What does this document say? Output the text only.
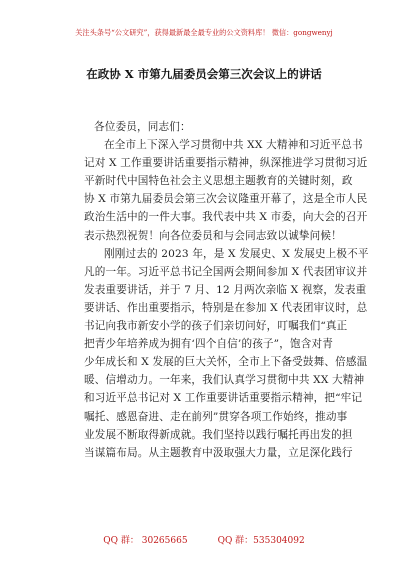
关注头条号“公文研究”，获得最新最全最专业的公文资料库！ 微信：gongwenyj
在政协 X 市第九届委员会第三次会议上的讲话
各位委员，同志们：
在全市上下深入学习贯彻中共 XX 大精神和习近平总书
记对 X 工作重要讲话重要指示精神，纵深推进学习贯彻习近
平新时代中国特色社会主义思想主题教育的关键时刻，政
协 X 市第九届委员会第三次会议隆重开幕了，这是全市人民
政治生活中的一件大事。我代表中共 X 市委，向大会的召开
表示热烈祝贺！向各位委员和与会同志致以诚挚问候！
刚刚过去的 2023 年，是 X 发展史、X 发展史上极不平
凡的一年。习近平总书记全国两会期间参加 X 代表团审议并
发表重要讲话，并于 7 月、12 月两次亲临 X 视察，发表重
要讲话、作出重要指示，特别是在参加 X 代表团审议时，总
书记向我市新安小学的孩子们亲切问好，叮嘱我们“真正
把青少年培养成为拥有‘四个自信’的孩子”，饱含对青
少年成长和 X 发展的巨大关怀，全市上下备受鼓舞、倍感温
暖、信增动力。一年来，我们认真学习贯彻中共 XX 大精神
和习近平总书记对 X 工作重要讲话重要指示精神，把“牢记
嘱托、感恩奋进、走在前列”贯穿各项工作始终，推动事
业发展不断取得新成就。我们坚持以践行嘱托再出发的担
当谋篇布局。从主题教育中汲取强大力量，立足深化践行
QQ 群： 30265665	QQ 群：535304092
